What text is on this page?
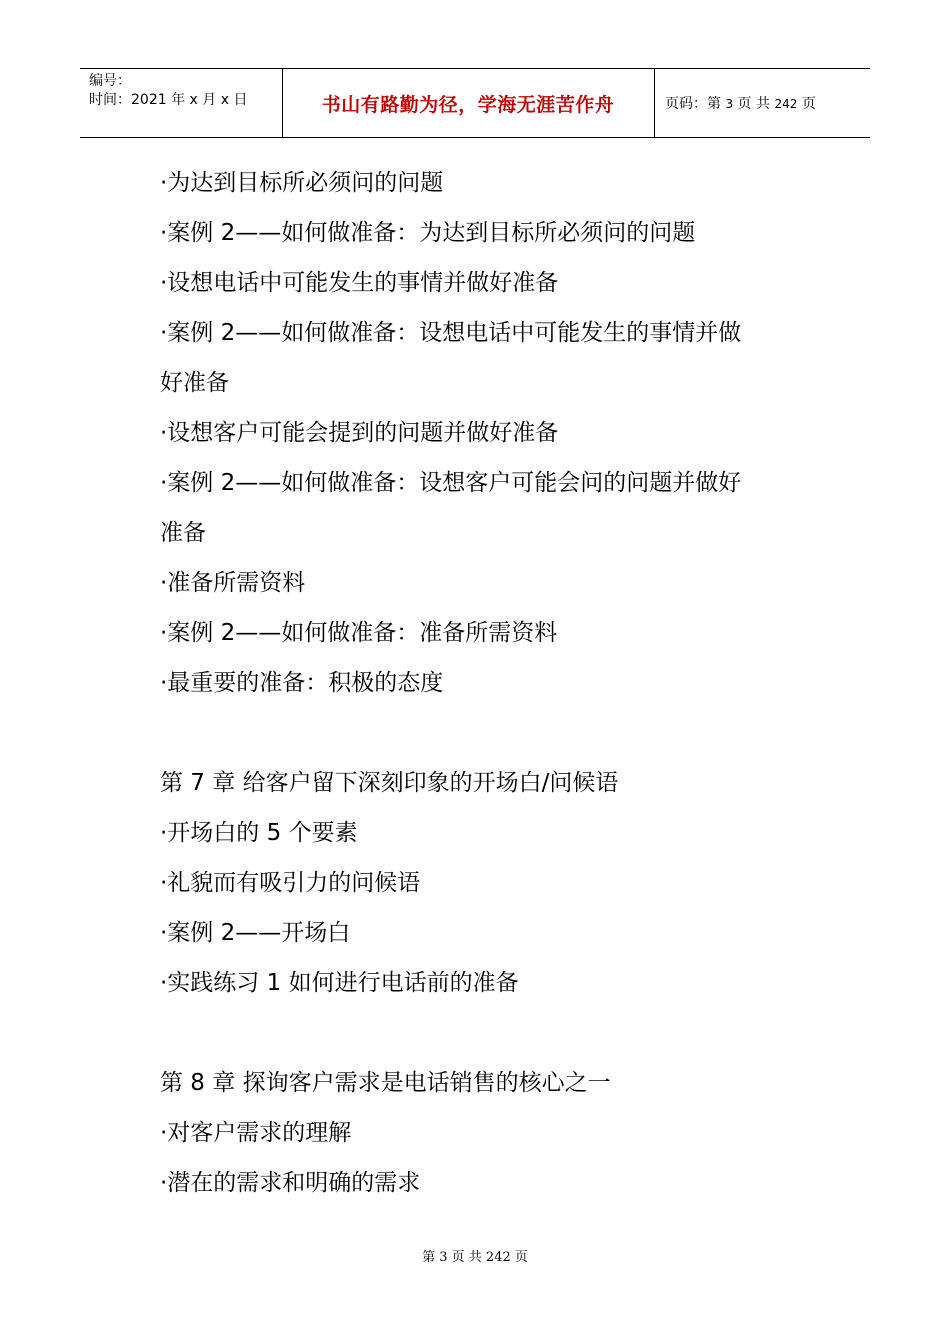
编号：
时间：2021 年 x 月 x 日	书山有路勤为径，学海无涯苦作舟	页码：第 3 页 共 242 页
·为达到目标所必须问的问题
·案例 2——如何做准备：为达到目标所必须问的问题
·设想电话中可能发生的事情并做好准备
·案例 2——如何做准备：设想电话中可能发生的事情并做
好准备
·设想客户可能会提到的问题并做好准备
·案例 2——如何做准备：设想客户可能会问的问题并做好
准备
·准备所需资料
·案例 2——如何做准备：准备所需资料
·最重要的准备：积极的态度
第 7 章 给客户留下深刻印象的开场白/问候语
·开场白的 5 个要素
·礼貌而有吸引力的问候语
·案例 2——开场白
·实践练习 1 如何进行电话前的准备
第 8 章 探询客户需求是电话销售的核心之一
·对客户需求的理解
·潜在的需求和明确的需求
第 3 页 共 242 页
